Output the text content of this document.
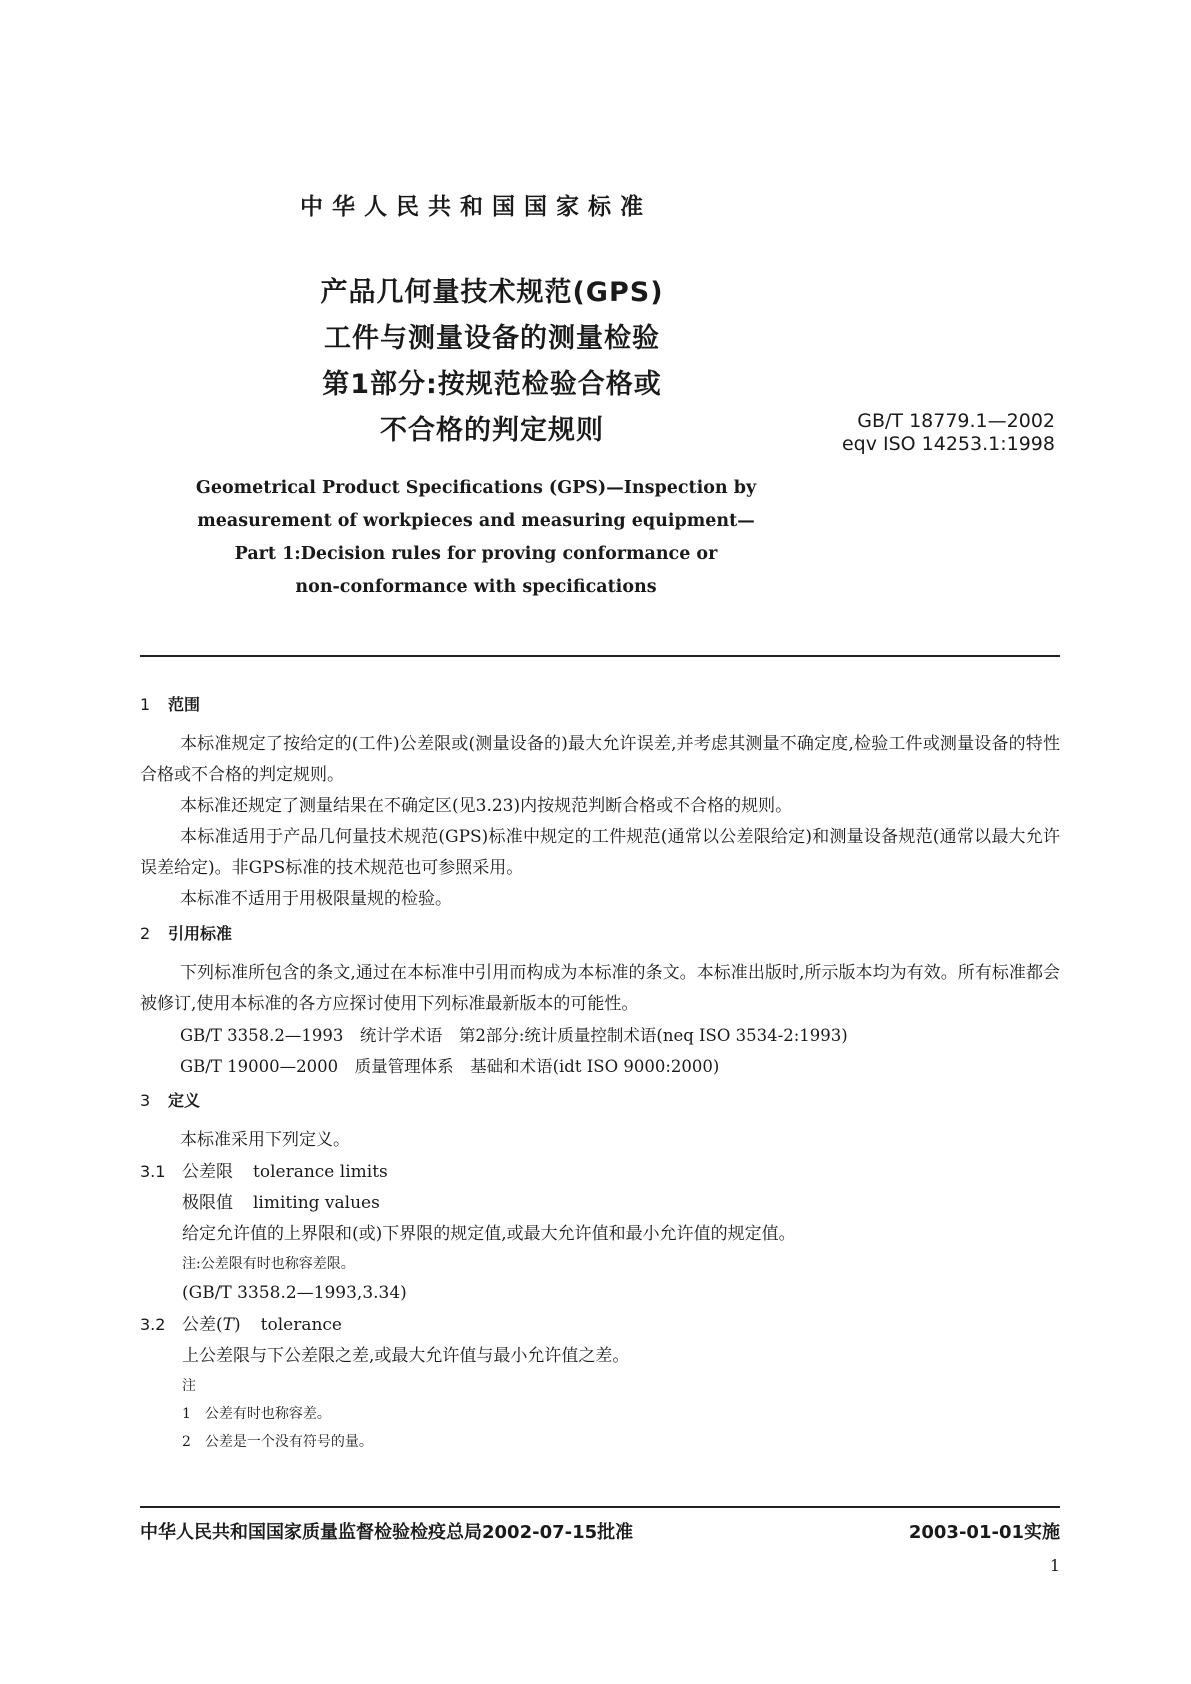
中华人民共和国国家标准
产品几何量技术规范(GPS)
工件与测量设备的测量检验
第1部分:按规范检验合格或
不合格的判定规则	GB/T 18779.1—2002
eqv ISO 14253.1:1998
Geometrical Product Specifications (GPS)—Inspection by
measurement of workpieces and measuring equipment—
Part 1:Decision rules for proving conformance or
non-conformance with specifications
1 范围
本标准规定了按给定的(工件)公差限或(测量设备的)最大允许误差,并考虑其测量不确定度,检验工件或测量设备的特性合格或不合格的判定规则。
本标准还规定了测量结果在不确定区(见3.23)内按规范判断合格或不合格的规则。
本标准适用于产品几何量技术规范(GPS)标准中规定的工件规范(通常以公差限给定)和测量设备规范(通常以最大允许误差给定)。非GPS标准的技术规范也可参照采用。
本标准不适用于用极限量规的检验。
2 引用标准
下列标准所包含的条文,通过在本标准中引用而构成为本标准的条文。本标准出版时,所示版本均为有效。所有标准都会被修订,使用本标准的各方应探讨使用下列标准最新版本的可能性。
GB/T 3358.2—1993　统计学术语　第2部分:统计质量控制术语(neq ISO 3534-2:1993)
GB/T 19000—2000　质量管理体系　基础和术语(idt ISO 9000:2000)
3 定义
本标准采用下列定义。
3.1 公差限 tolerance limits
极限值 limiting values
给定允许值的上界限和(或)下界限的规定值,或最大允许值和最小允许值的规定值。
注:公差限有时也称容差限。
(GB/T 3358.2—1993,3.34)
3.2 公差(T) tolerance
上公差限与下公差限之差,或最大允许值与最小允许值之差。
注
1　公差有时也称容差。
2　公差是一个没有符号的量。
中华人民共和国国家质量监督检验检疫总局2002-07-15批准	2003-01-01实施
1
